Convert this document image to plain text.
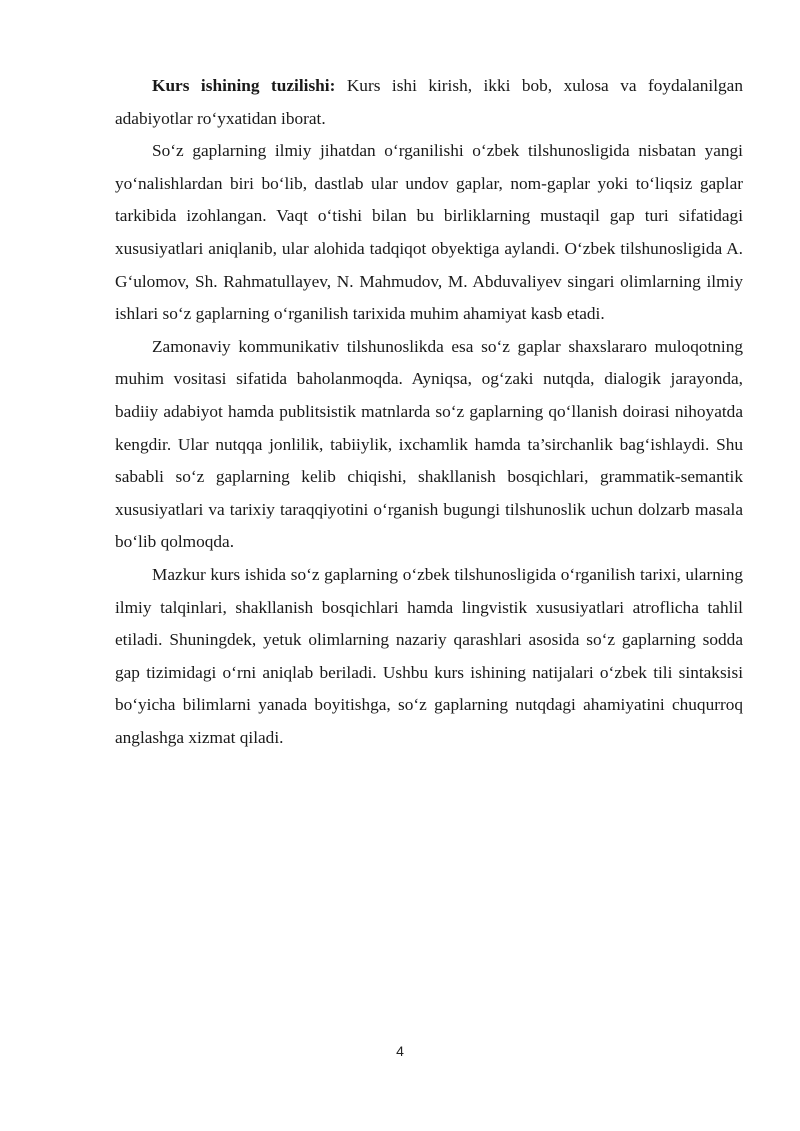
Kurs ishining tuzilishi: Kurs ishi kirish, ikki bob, xulosa va foydalanilgan adabiyotlar ro‘yxatidan iborat.

So‘z gaplarning ilmiy jihatdan o‘rganilishi o‘zbek tilshunosligida nisbatan yangi yo‘nalishlardan biri bo‘lib, dastlab ular undov gaplar, nom-gaplar yoki to‘liqsiz gaplar tarkibida izohlangan. Vaqt o‘tishi bilan bu birliklarning mustaqil gap turi sifatidagi xususiyatlari aniqlanib, ular alohida tadqiqot obyektiga aylandi. O‘zbek tilshunosligida A. G‘ulomov, Sh. Rahmatullayev, N. Mahmudov, M. Abduvaliyev singari olimlarning ilmiy ishlari so‘z gaplarning o‘rganilish tarixida muhim ahamiyat kasb etadi.

Zamonaviy kommunikativ tilshunoslikda esa so‘z gaplar shaxslararo muloqotning muhim vositasi sifatida baholanmoqda. Ayniqsa, og‘zaki nutqda, dialogik jarayonda, badiiy adabiyot hamda publitsistik matnlarda so‘z gaplarning qo‘llanish doirasi nihoyatda kengdir. Ular nutqqa jonlilik, tabiiylik, ixchamlik hamda ta’sirchanlik bag‘ishlaydi. Shu sababli so‘z gaplarning kelib chiqishi, shakllanish bosqichlari, grammatik-semantik xususiyatlari va tarixiy taraqqiyotini o‘rganish bugungi tilshunoslik uchun dolzarb masala bo‘lib qolmoqda.

Mazkur kurs ishida so‘z gaplarning o‘zbek tilshunosligida o‘rganilish tarixi, ularning ilmiy talqinlari, shakllanish bosqichlari hamda lingvistik xususiyatlari atroflicha tahlil etiladi. Shuningdek, yetuk olimlarning nazariy qarashlari asosida so‘z gaplarning sodda gap tizimidagi o‘rni aniqlab beriladi. Ushbu kurs ishining natijalari o‘zbek tili sintaksisi bo‘yicha bilimlarni yanada boyitishga, so‘z gaplarning nutqdagi ahamiyatini chuqurroq anglashga xizmat qiladi.

4
